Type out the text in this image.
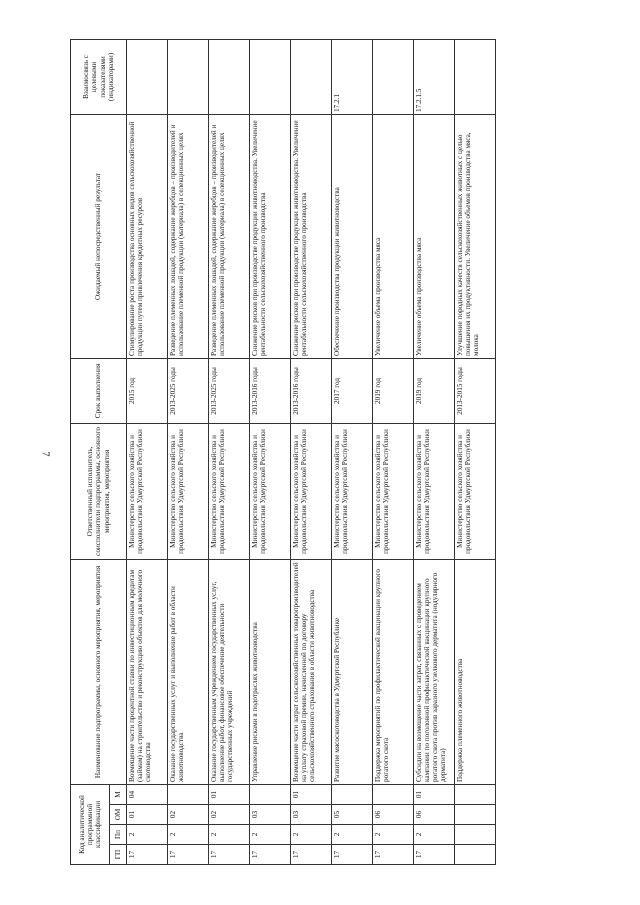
7
Код аналитической программной классификации				Наименование подпрограммы, основного мероприятия, мероприятия	Ответственный исполнитель, соисполнители подпрограммы, основного мероприятия, мероприятия	Срок выполнения	Ожидаемый непосредственный результат	Взаимосвязь с целевыми показателями (индикаторами)
ГП	Пп	ОМ	М					
17	2	01	04	Возмещение части процентной ставки по инвестиционным кредитам (займам) на строительство и реконструкцию объектов для молочного скотоводства	Министерство сельского хозяйства и продовольствия Удмуртской Республики	2015 год	Стимулирование роста производства основных видов сельскохозяйственной продукции путем привлечения кредитных ресурсов	
17	2	02		Оказание государственных услуг и выполнение работ в области животноводства	Министерство сельского хозяйства и продовольствия Удмуртской Республики	2013-2025 годы	Разведение племенных лошадей, содержание жеребцов – производителей и использование племенной продукции (материала) в селекционных целях	
17	2	02	01	Оказание государственным учреждением государственных услуг, выполнение работ, финансовое обеспечение деятельности государственных учреждений	Министерство сельского хозяйства и продовольствия Удмуртской Республики	2013-2025 годы	Разведение племенных лошадей, содержание жеребцов – производителей и использование племенной продукции (материала) в селекционных целях	
17	2	03		Управление рисками в подотраслях животноводства	Министерство сельского хозяйства и продовольствия Удмуртской Республики	2013-2016 годы	Снижение рисков при производстве продукции животноводства. Увеличение рентабельности сельскохозяйственного производства	
17	2	03	01	Возмещение части затрат сельскохозяйственных товаропроизводителей на уплату страховой премии, начисленной по договору сельскохозяйственного страхования в области животноводства	Министерство сельского хозяйства и продовольствия Удмуртской Республики	2013-2016 годы	Снижение рисков при производстве продукции животноводства. Увеличение рентабельности сельскохозяйственного производства	
17	2	05		Развитие мясоскотоводства в Удмуртской Республике	Министерство сельского хозяйства и продовольствия Удмуртской Республики	2017 год	Обеспечение производства продукции животноводства	17.2.1
17	2	06		Поддержка мероприятий по профилактической вакцинации крупного рогатого скота	Министерство сельского хозяйства и продовольствия Удмуртской Республики	2019 год	Увеличение объема производства мяса	
17	2	06	01	Субсидии на возмещение части затрат, связанных с проведением кампании по поголовной профилактической вакцинации крупного рогатого скота против заразного узелкового дерматита (нодулярного дерматита)	Министерство сельского хозяйства и продовольствия Удмуртской Республики	2019 год	Увеличение объема производства мяса	17.2.1.5
				Поддержка племенного животноводства	Министерство сельского хозяйства и продовольствия Удмуртской Республики	2013-2015 годы	Улучшение породных качеств сельскохозяйственных животных с целью повышения их продуктивности. Увеличение объемов производства мяса, молока	
